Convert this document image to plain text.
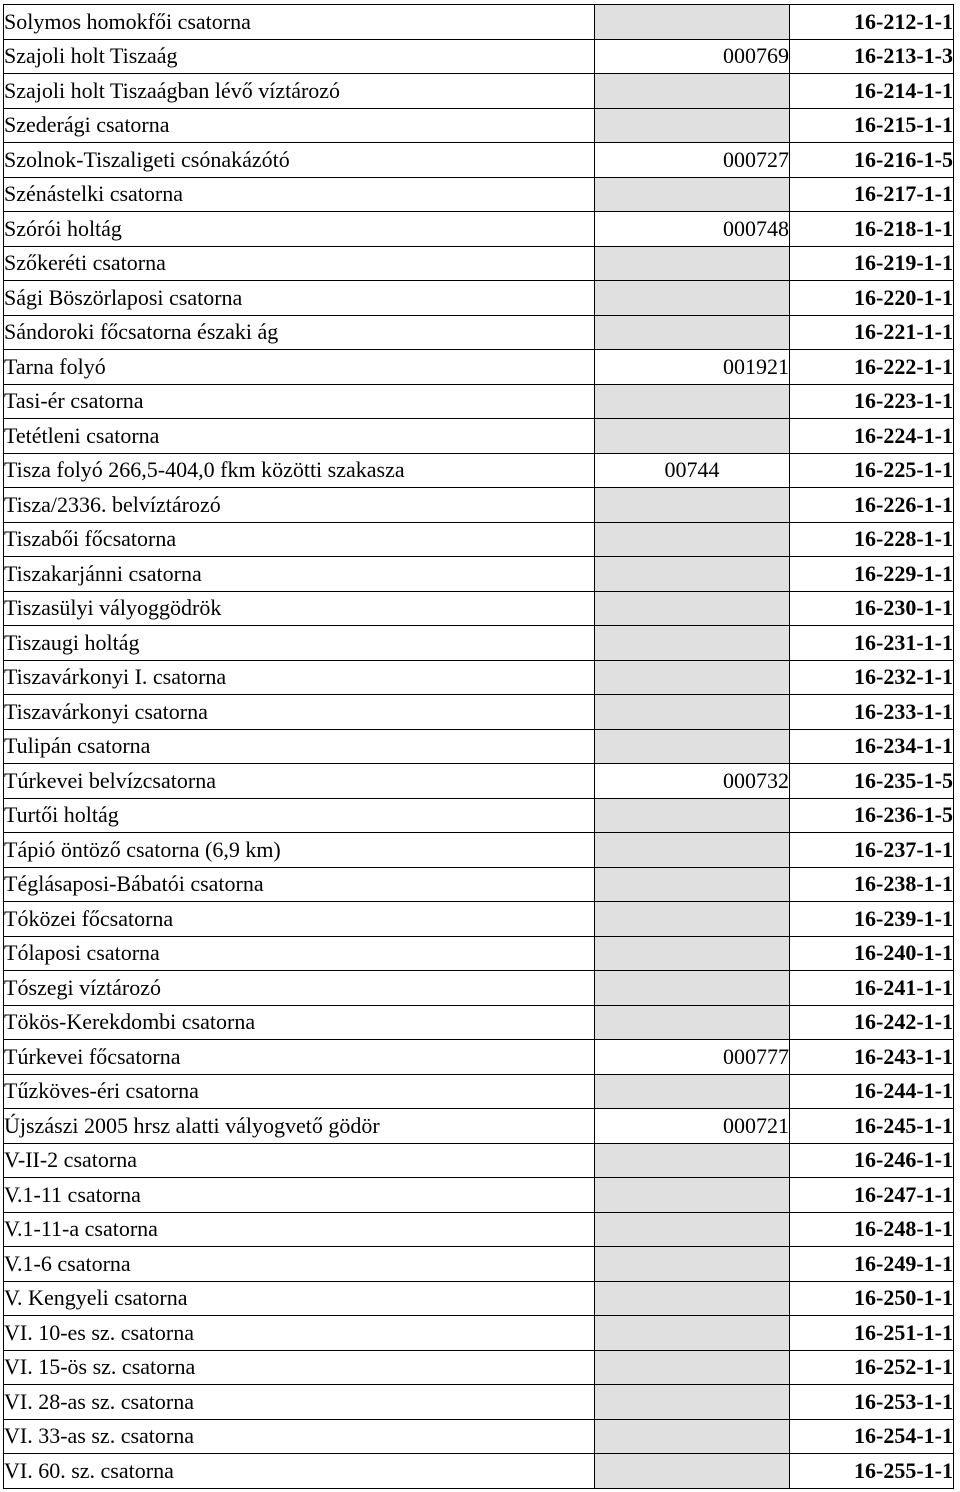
Solymos homokfői csatorna		16-212-1-1
Szajoli holt Tiszaág	000769	16-213-1-3
Szajoli holt Tiszaágban lévő víztározó		16-214-1-1
Szederági csatorna		16-215-1-1
Szolnok-Tiszaligeti csónakázótó	000727	16-216-1-5
Szénástelki csatorna		16-217-1-1
Szórói holtág	000748	16-218-1-1
Szőkeréti csatorna		16-219-1-1
Sági Böszörlaposi csatorna		16-220-1-1
Sándoroki főcsatorna északi ág		16-221-1-1
Tarna folyó	001921	16-222-1-1
Tasi-ér csatorna		16-223-1-1
Tetétleni csatorna		16-224-1-1
Tisza folyó 266,5-404,0 fkm közötti szakasza	00744	16-225-1-1
Tisza/2336. belvíztározó		16-226-1-1
Tiszabői főcsatorna		16-228-1-1
Tiszakarjánni csatorna		16-229-1-1
Tiszasülyi vályoggödrök		16-230-1-1
Tiszaugi holtág		16-231-1-1
Tiszavárkonyi I. csatorna		16-232-1-1
Tiszavárkonyi csatorna		16-233-1-1
Tulipán csatorna		16-234-1-1
Túrkevei belvízcsatorna	000732	16-235-1-5
Turtői holtág		16-236-1-5
Tápió öntöző csatorna (6,9 km)		16-237-1-1
Téglásaposi-Bábatói csatorna		16-238-1-1
Tóközei főcsatorna		16-239-1-1
Tólaposi csatorna		16-240-1-1
Tószegi víztározó		16-241-1-1
Tökös-Kerekdombi csatorna		16-242-1-1
Túrkevei főcsatorna	000777	16-243-1-1
Tűzköves-éri csatorna		16-244-1-1
Újszászi 2005 hrsz alatti vályogvető gödör	000721	16-245-1-1
V-II-2 csatorna		16-246-1-1
V.1-11 csatorna		16-247-1-1
V.1-11-a csatorna		16-248-1-1
V.1-6 csatorna		16-249-1-1
V. Kengyeli csatorna		16-250-1-1
VI. 10-es sz. csatorna		16-251-1-1
VI. 15-ös sz. csatorna		16-252-1-1
VI. 28-as sz. csatorna		16-253-1-1
VI. 33-as sz. csatorna		16-254-1-1
VI. 60. sz. csatorna		16-255-1-1
